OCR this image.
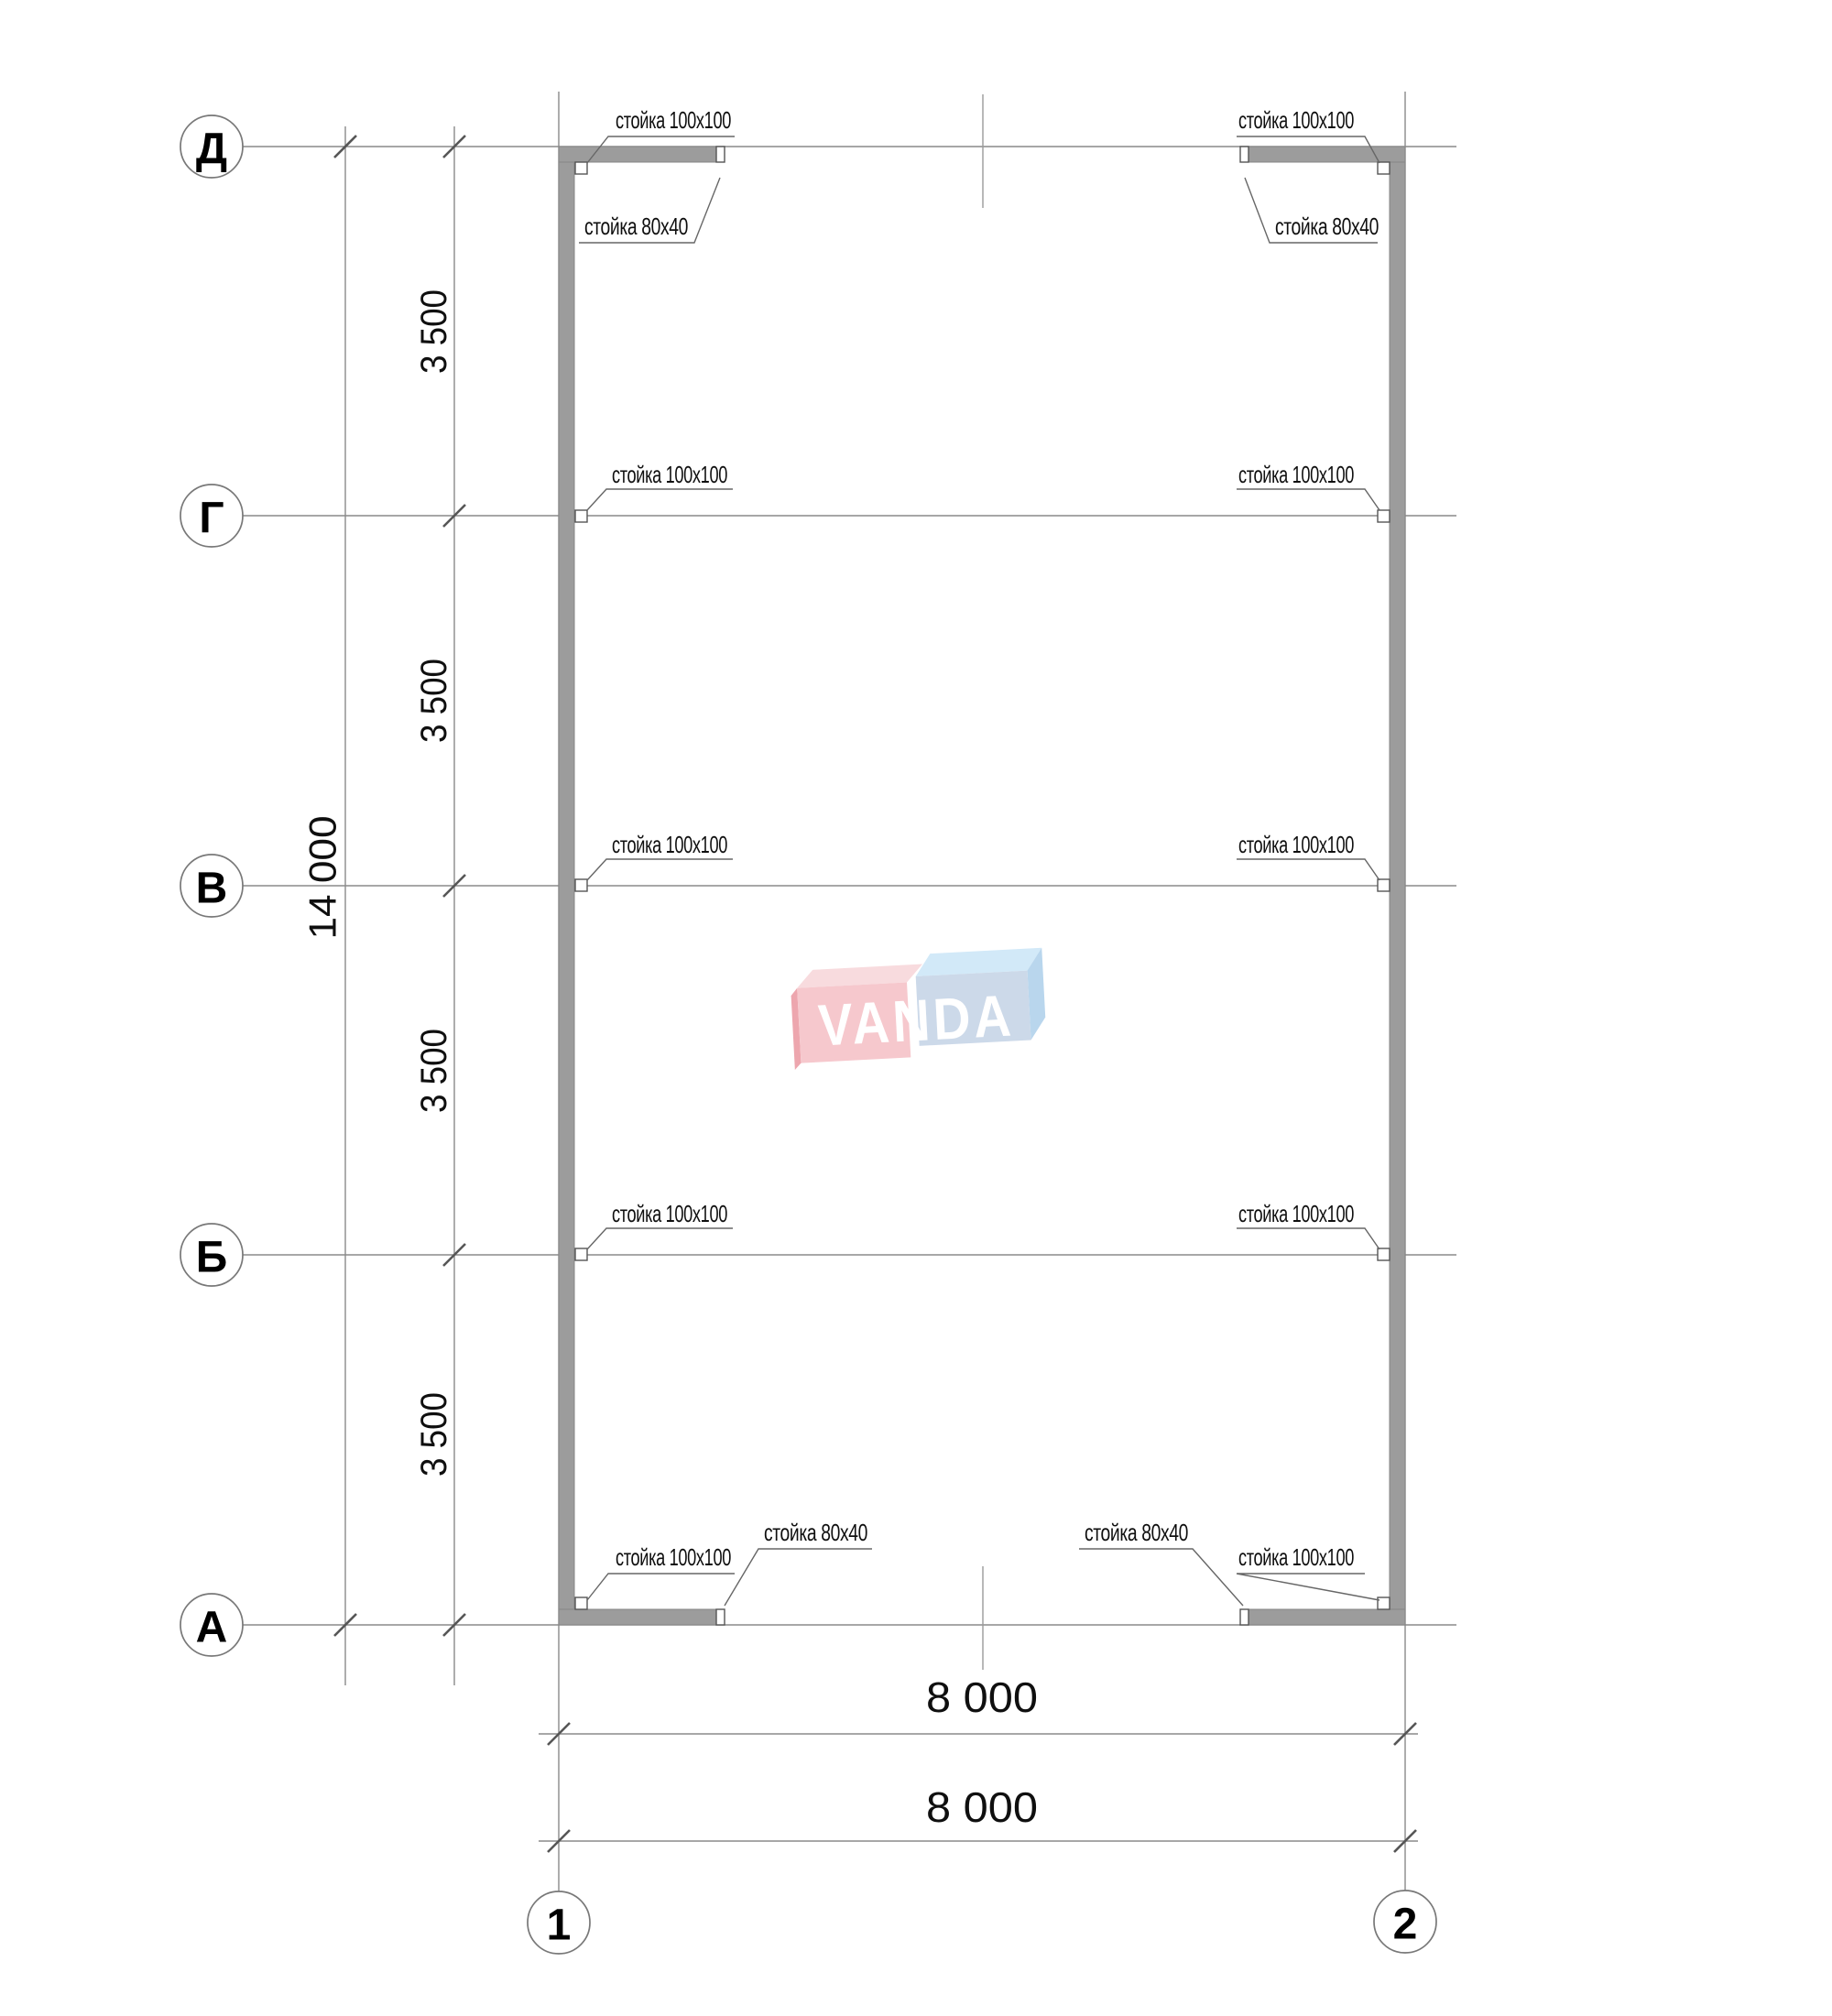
VANDA
стойка 100x100
стойка 80x40
стойка 100x100
стойка 80x40
стойка 100x100	стойка 100x100
стойка 100x100	стойка 100x100
стойка 100x100	стойка 100x100
стойка 100x100
стойка 80x40	стойка 80x40
стойка 100x100
14 000
3 500
3 500
3 500
3 500
8 000
8 000
Д
Г
В
Б
А
1	2
